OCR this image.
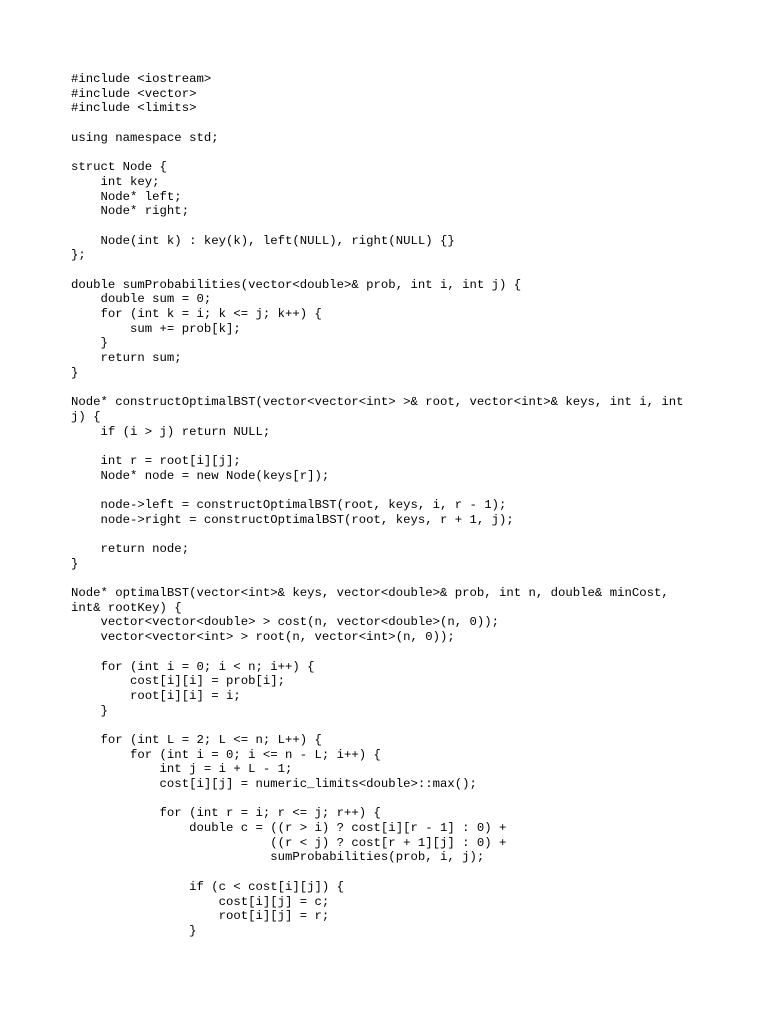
#include <iostream>
#include <vector>
#include <limits>
using namespace std;
struct Node {
int key;
Node* left;
Node* right;
Node(int k) : key(k), left(NULL), right(NULL) {}
};
double sumProbabilities(vector<double>& prob, int i, int j) {
double sum = 0;
for (int k = i; k <= j; k++) {
sum += prob[k];
}
return sum;
}
Node* constructOptimalBST(vector<vector<int> >& root, vector<int>& keys, int i, int
j) {
if (i > j) return NULL;
int r = root[i][j];
Node* node = new Node(keys[r]);
node->left = constructOptimalBST(root, keys, i, r - 1);
node->right = constructOptimalBST(root, keys, r + 1, j);
return node;
}
Node* optimalBST(vector<int>& keys, vector<double>& prob, int n, double& minCost,
int& rootKey) {
vector<vector<double> > cost(n, vector<double>(n, 0));
vector<vector<int> > root(n, vector<int>(n, 0));
for (int i = 0; i < n; i++) {
cost[i][i] = prob[i];
root[i][i] = i;
}
for (int L = 2; L <= n; L++) {
for (int i = 0; i <= n - L; i++) {
int j = i + L - 1;
cost[i][j] = numeric_limits<double>::max();
for (int r = i; r <= j; r++) {
double c = ((r > i) ? cost[i][r - 1] : 0) +
((r < j) ? cost[r + 1][j] : 0) +
sumProbabilities(prob, i, j);
if (c < cost[i][j]) {
cost[i][j] = c;
root[i][j] = r;
}
